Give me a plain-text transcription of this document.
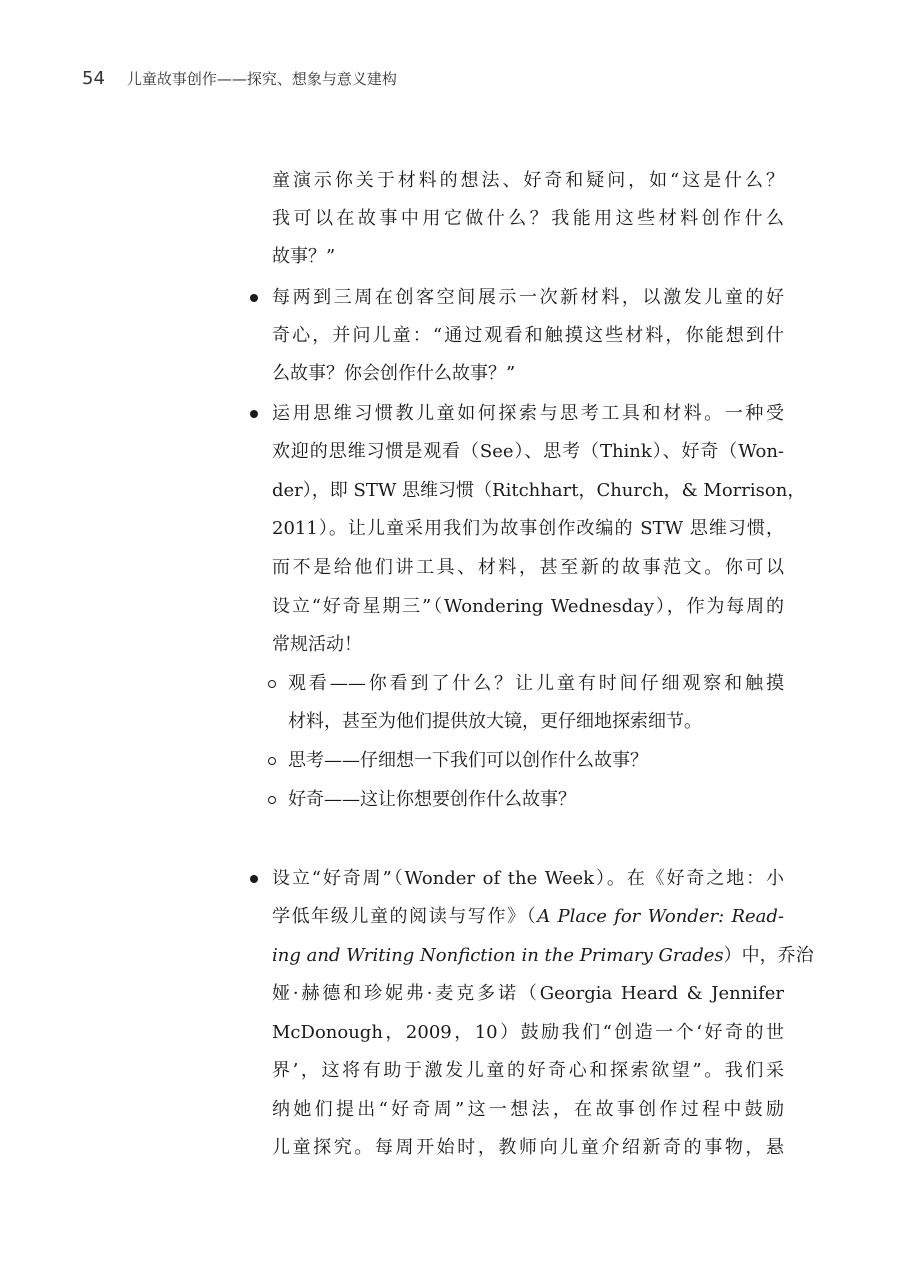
54 儿童故事创作——探究、想象与意义建构
童演示你关于材料的想法、好奇和疑问，如“这是什么？
我可以在故事中用它做什么？我能用这些材料创作什么
故事？”
每两到三周在创客空间展示一次新材料，以激发儿童的好
奇心，并问儿童：“通过观看和触摸这些材料，你能想到什
么故事？你会创作什么故事？”
运用思维习惯教儿童如何探索与思考工具和材料。一种受
欢迎的思维习惯是观看（See）、思考（Think）、好奇（Won-
der），即 STW 思维习惯（Ritchhart，Church，& Morrison，
2011）。让儿童采用我们为故事创作改编的 STW 思维习惯，
而不是给他们讲工具、材料，甚至新的故事范文。你可以
设立“好奇星期三”（Wondering Wednesday），作为每周的
常规活动！
观看——你看到了什么？让儿童有时间仔细观察和触摸
材料，甚至为他们提供放大镜，更仔细地探索细节。
思考——仔细想一下我们可以创作什么故事？
好奇——这让你想要创作什么故事？
设立“好奇周”（Wonder of the Week）。在《好奇之地：小
学低年级儿童的阅读与写作》（A Place for Wonder: Read-
ing and Writing Nonfiction in the Primary Grades）中，乔治
娅·赫德和珍妮弗·麦克多诺（Georgia Heard & Jennifer
McDonough，2009，10）鼓励我们“创造一个‘好奇的世
界’，这将有助于激发儿童的好奇心和探索欲望”。我们采
纳她们提出“好奇周”这一想法，在故事创作过程中鼓励
儿童探究。每周开始时，教师向儿童介绍新奇的事物，悬
